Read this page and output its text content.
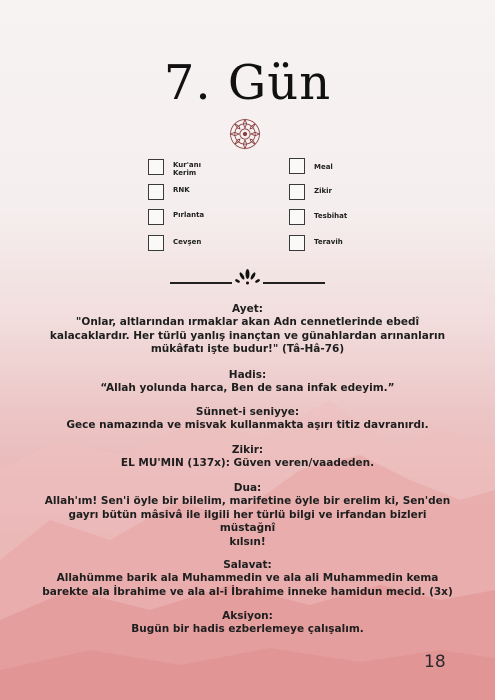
7. Gün
Kur'anı Kerim
RNK
Pırlanta
Cevşen
Meal
Zikir
Tesbihat
Teravih
Ayet:
"Onlar, altlarından ırmaklar akan Adn cennetlerinde ebedî
kalacaklardır. Her türlü yanlış inançtan ve günahlardan arınanların
mükâfatı işte budur!" (Tâ-Hâ-76)
Hadis:
“Allah yolunda harca, Ben de sana infak edeyim.”
Sünnet-i seniyye:
Gece namazında ve misvak kullanmakta aşırı titiz davranırdı.
Zikir:
EL MU'MIN (137x): Güven veren/vaadeden.
Dua:
Allah'ım! Sen'i öyle bir bilelim, marifetine öyle bir erelim ki, Sen'den
gayrı bütün mâsivâ ile ilgili her türlü bilgi ve irfandan bizleri müstağnî
kılsın!
Salavat:
Allahümme barik ala Muhammedin ve ala ali Muhammedin kema
barekte ala İbrahime ve ala al-i İbrahime inneke hamidun mecid. (3x)
Aksiyon:
Bugün bir hadis ezberlemeye çalışalım.
18
